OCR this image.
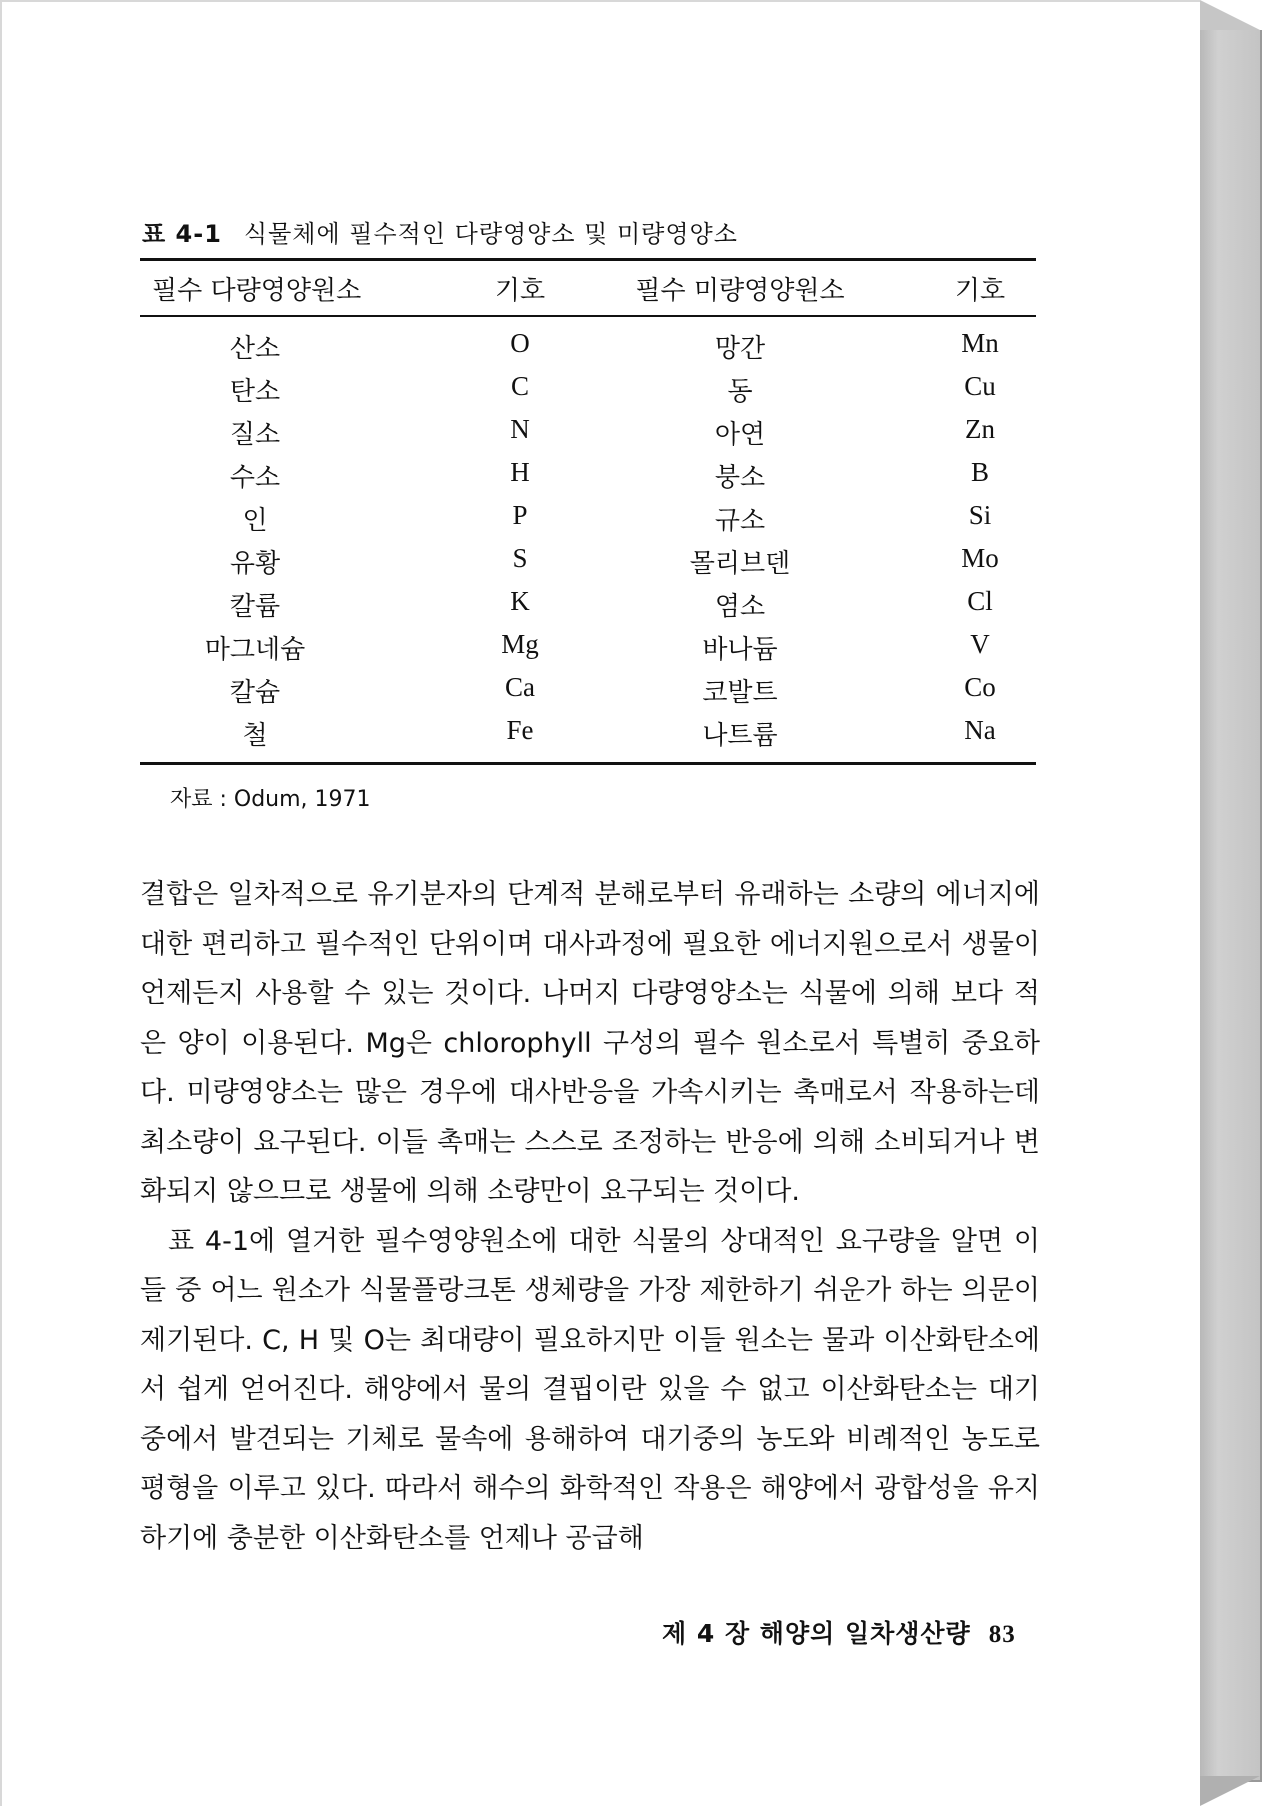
표 4-1 식물체에 필수적인 다량영양소 및 미량영양소
필수 다량영양원소	기호	필수 미량영양원소	기호
산소	O	망간	Mn
탄소	C	동	Cu
질소	N	아연	Zn
수소	H	붕소	B
인	P	규소	Si
유황	S	몰리브덴	Mo
칼륨	K	염소	Cl
마그네슘	Mg	바나듐	V
칼슘	Ca	코발트	Co
철	Fe	나트륨	Na
자료 : Odum, 1971

결합은 일차적으로 유기분자의 단계적 분해로부터 유래하는 소량의 에너지에 대한 편리하고 필수적인 단위이며 대사과정에 필요한 에너지원으로서 생물이 언제든지 사용할 수 있는 것이다. 나머지 다량영양소는 식물에 의해 보다 적은 양이 이용된다. Mg은 chlorophyll 구성의 필수 원소로서 특별히 중요하다. 미량영양소는 많은 경우에 대사반응을 가속시키는 촉매로서 작용하는데 최소량이 요구된다. 이들 촉매는 스스로 조정하는 반응에 의해 소비되거나 변화되지 않으므로 생물에 의해 소량만이 요구되는 것이다.

표 4-1에 열거한 필수영양원소에 대한 식물의 상대적인 요구량을 알면 이들 중 어느 원소가 식물플랑크톤 생체량을 가장 제한하기 쉬운가 하는 의문이 제기된다. C, H 및 O는 최대량이 필요하지만 이들 원소는 물과 이산화탄소에서 쉽게 얻어진다. 해양에서 물의 결핍이란 있을 수 없고 이산화탄소는 대기중에서 발견되는 기체로 물속에 용해하여 대기중의 농도와 비례적인 농도로 평형을 이루고 있다. 따라서 해수의 화학적인 작용은 해양에서 광합성을 유지하기에 충분한 이산화탄소를 언제나 공급해

제 4 장 해양의 일차생산량 83
